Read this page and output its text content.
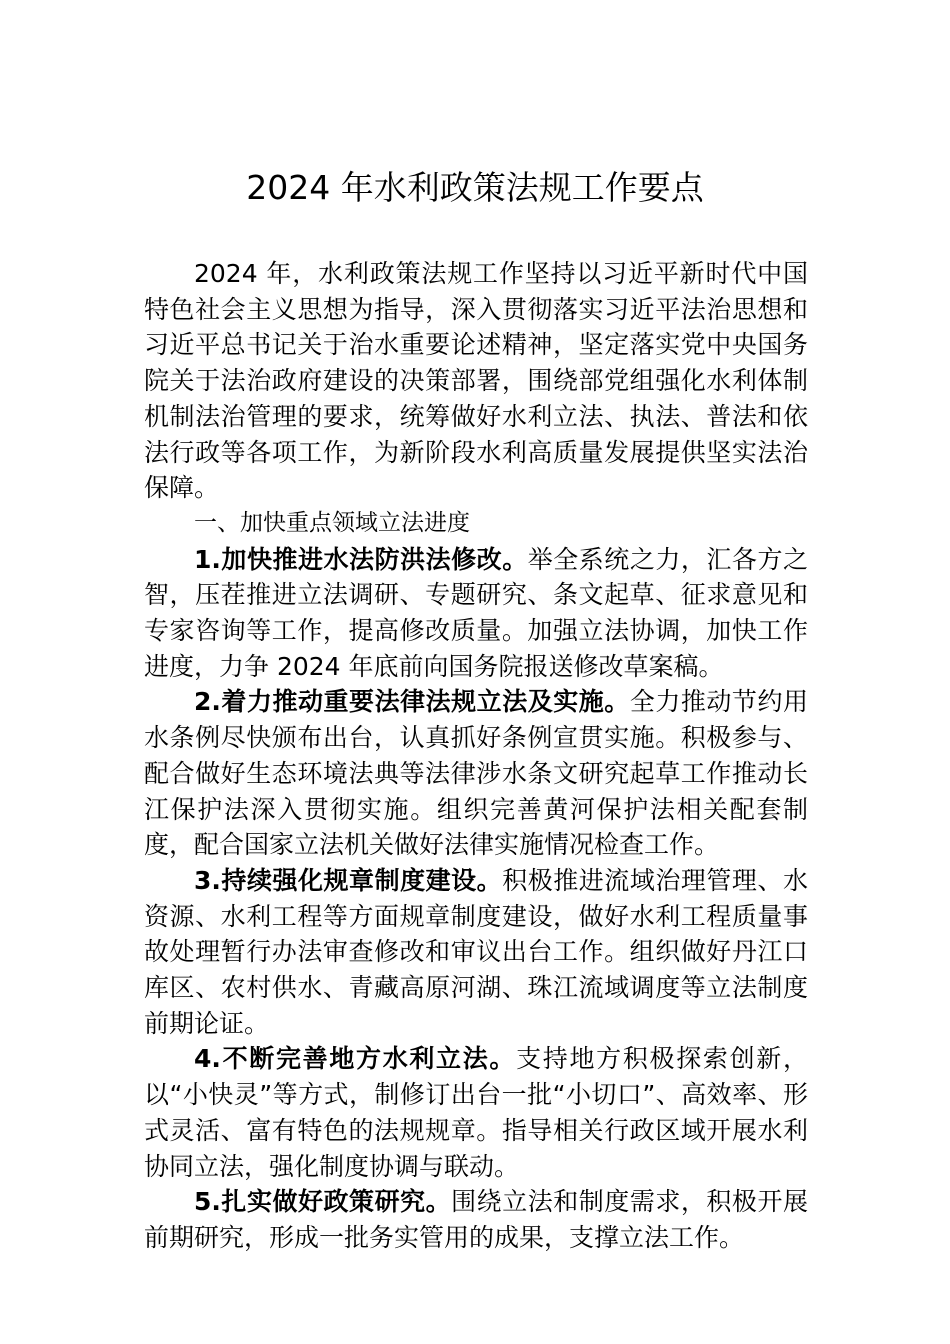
2024 年水利政策法规工作要点

2024 年，水利政策法规工作坚持以习近平新时代中国特色社会主义思想为指导，深入贯彻落实习近平法治思想和习近平总书记关于治水重要论述精神，坚定落实党中央国务院关于法治政府建设的决策部署，围绕部党组强化水利体制机制法治管理的要求，统筹做好水利立法、执法、普法和依法行政等各项工作，为新阶段水利高质量发展提供坚实法治保障。

一、加快重点领域立法进度

1.加快推进水法防洪法修改。举全系统之力，汇各方之智，压茬推进立法调研、专题研究、条文起草、征求意见和专家咨询等工作，提高修改质量。加强立法协调，加快工作进度，力争 2024 年底前向国务院报送修改草案稿。

2.着力推动重要法律法规立法及实施。全力推动节约用水条例尽快颁布出台，认真抓好条例宣贯实施。积极参与、配合做好生态环境法典等法律涉水条文研究起草工作推动长江保护法深入贯彻实施。组织完善黄河保护法相关配套制度，配合国家立法机关做好法律实施情况检查工作。

3.持续强化规章制度建设。积极推进流域治理管理、水资源、水利工程等方面规章制度建设，做好水利工程质量事故处理暂行办法审查修改和审议出台工作。组织做好丹江口库区、农村供水、青藏高原河湖、珠江流域调度等立法制度前期论证。

4.不断完善地方水利立法。支持地方积极探索创新，以“小快灵”等方式，制修订出台一批“小切口”、高效率、形式灵活、富有特色的法规规章。指导相关行政区域开展水利协同立法，强化制度协调与联动。

5.扎实做好政策研究。围绕立法和制度需求，积极开展前期研究，形成一批务实管用的成果，支撑立法工作。
